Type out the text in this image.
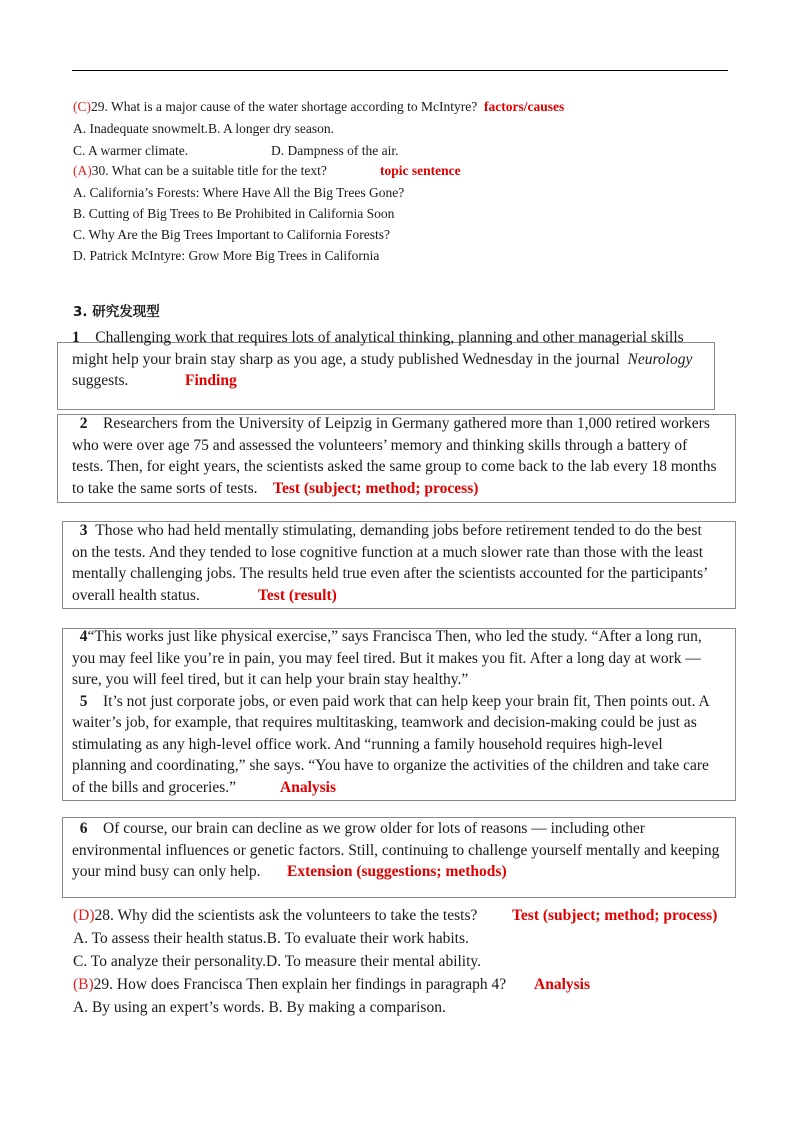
(C)29. What is a major cause of the water shortage according to McIntyre? factors/causes
A. Inadequate snowmelt.B. A longer dry season.
C. A warmer climate.	D. Dampness of the air.
(A)30. What can be a suitable title for the text?	topic sentence
A. California’s Forests: Where Have All the Big Trees Gone?
B. Cutting of Big Trees to Be Prohibited in California Soon
C. Why Are the Big Trees Important to California Forests?
D. Patrick McIntyre: Grow More Big Trees in California
3. 研究发现型
1 Challenging work that requires lots of analytical thinking, planning and other managerial skills
might help your brain stay sharp as you age, a study published Wednesday in the journal Neurology
suggests.	Finding
2 Researchers from the University of Leipzig in Germany gathered more than 1,000 retired workers
who were over age 75 and assessed the volunteers’ memory and thinking skills through a battery of
tests. Then, for eight years, the scientists asked the same group to come back to the lab every 18 months
to take the same sorts of tests. Test (subject; method; process)
3 Those who had held mentally stimulating, demanding jobs before retirement tended to do the best
on the tests. And they tended to lose cognitive function at a much slower rate than those with the least
mentally challenging jobs. The results held true even after the scientists accounted for the participants’
overall health status.	Test (result)
4“This works just like physical exercise,” says Francisca Then, who led the study. “After a long run,
you may feel like you’re in pain, you may feel tired. But it makes you fit. After a long day at work —
sure, you will feel tired, but it can help your brain stay healthy.”
5 It’s not just corporate jobs, or even paid work that can help keep your brain fit, Then points out. A
waiter’s job, for example, that requires multitasking, teamwork and decision-making could be just as
stimulating as any high-level office work. And “running a family household requires high-level
planning and coordinating,” she says. “You have to organize the activities of the children and take care
of the bills and groceries.”	Analysis
6 Of course, our brain can decline as we grow older for lots of reasons — including other
environmental influences or genetic factors. Still, continuing to challenge yourself mentally and keeping
your mind busy can only help. Extension (suggestions; methods)
(D)28. Why did the scientists ask the volunteers to take the tests? Test (subject; method; process)
A. To assess their health status.B. To evaluate their work habits.
C. To analyze their personality.D. To measure their mental ability.
(B)29. How does Francisca Then explain her findings in paragraph 4? Analysis
A. By using an expert’s words. B. By making a comparison.
